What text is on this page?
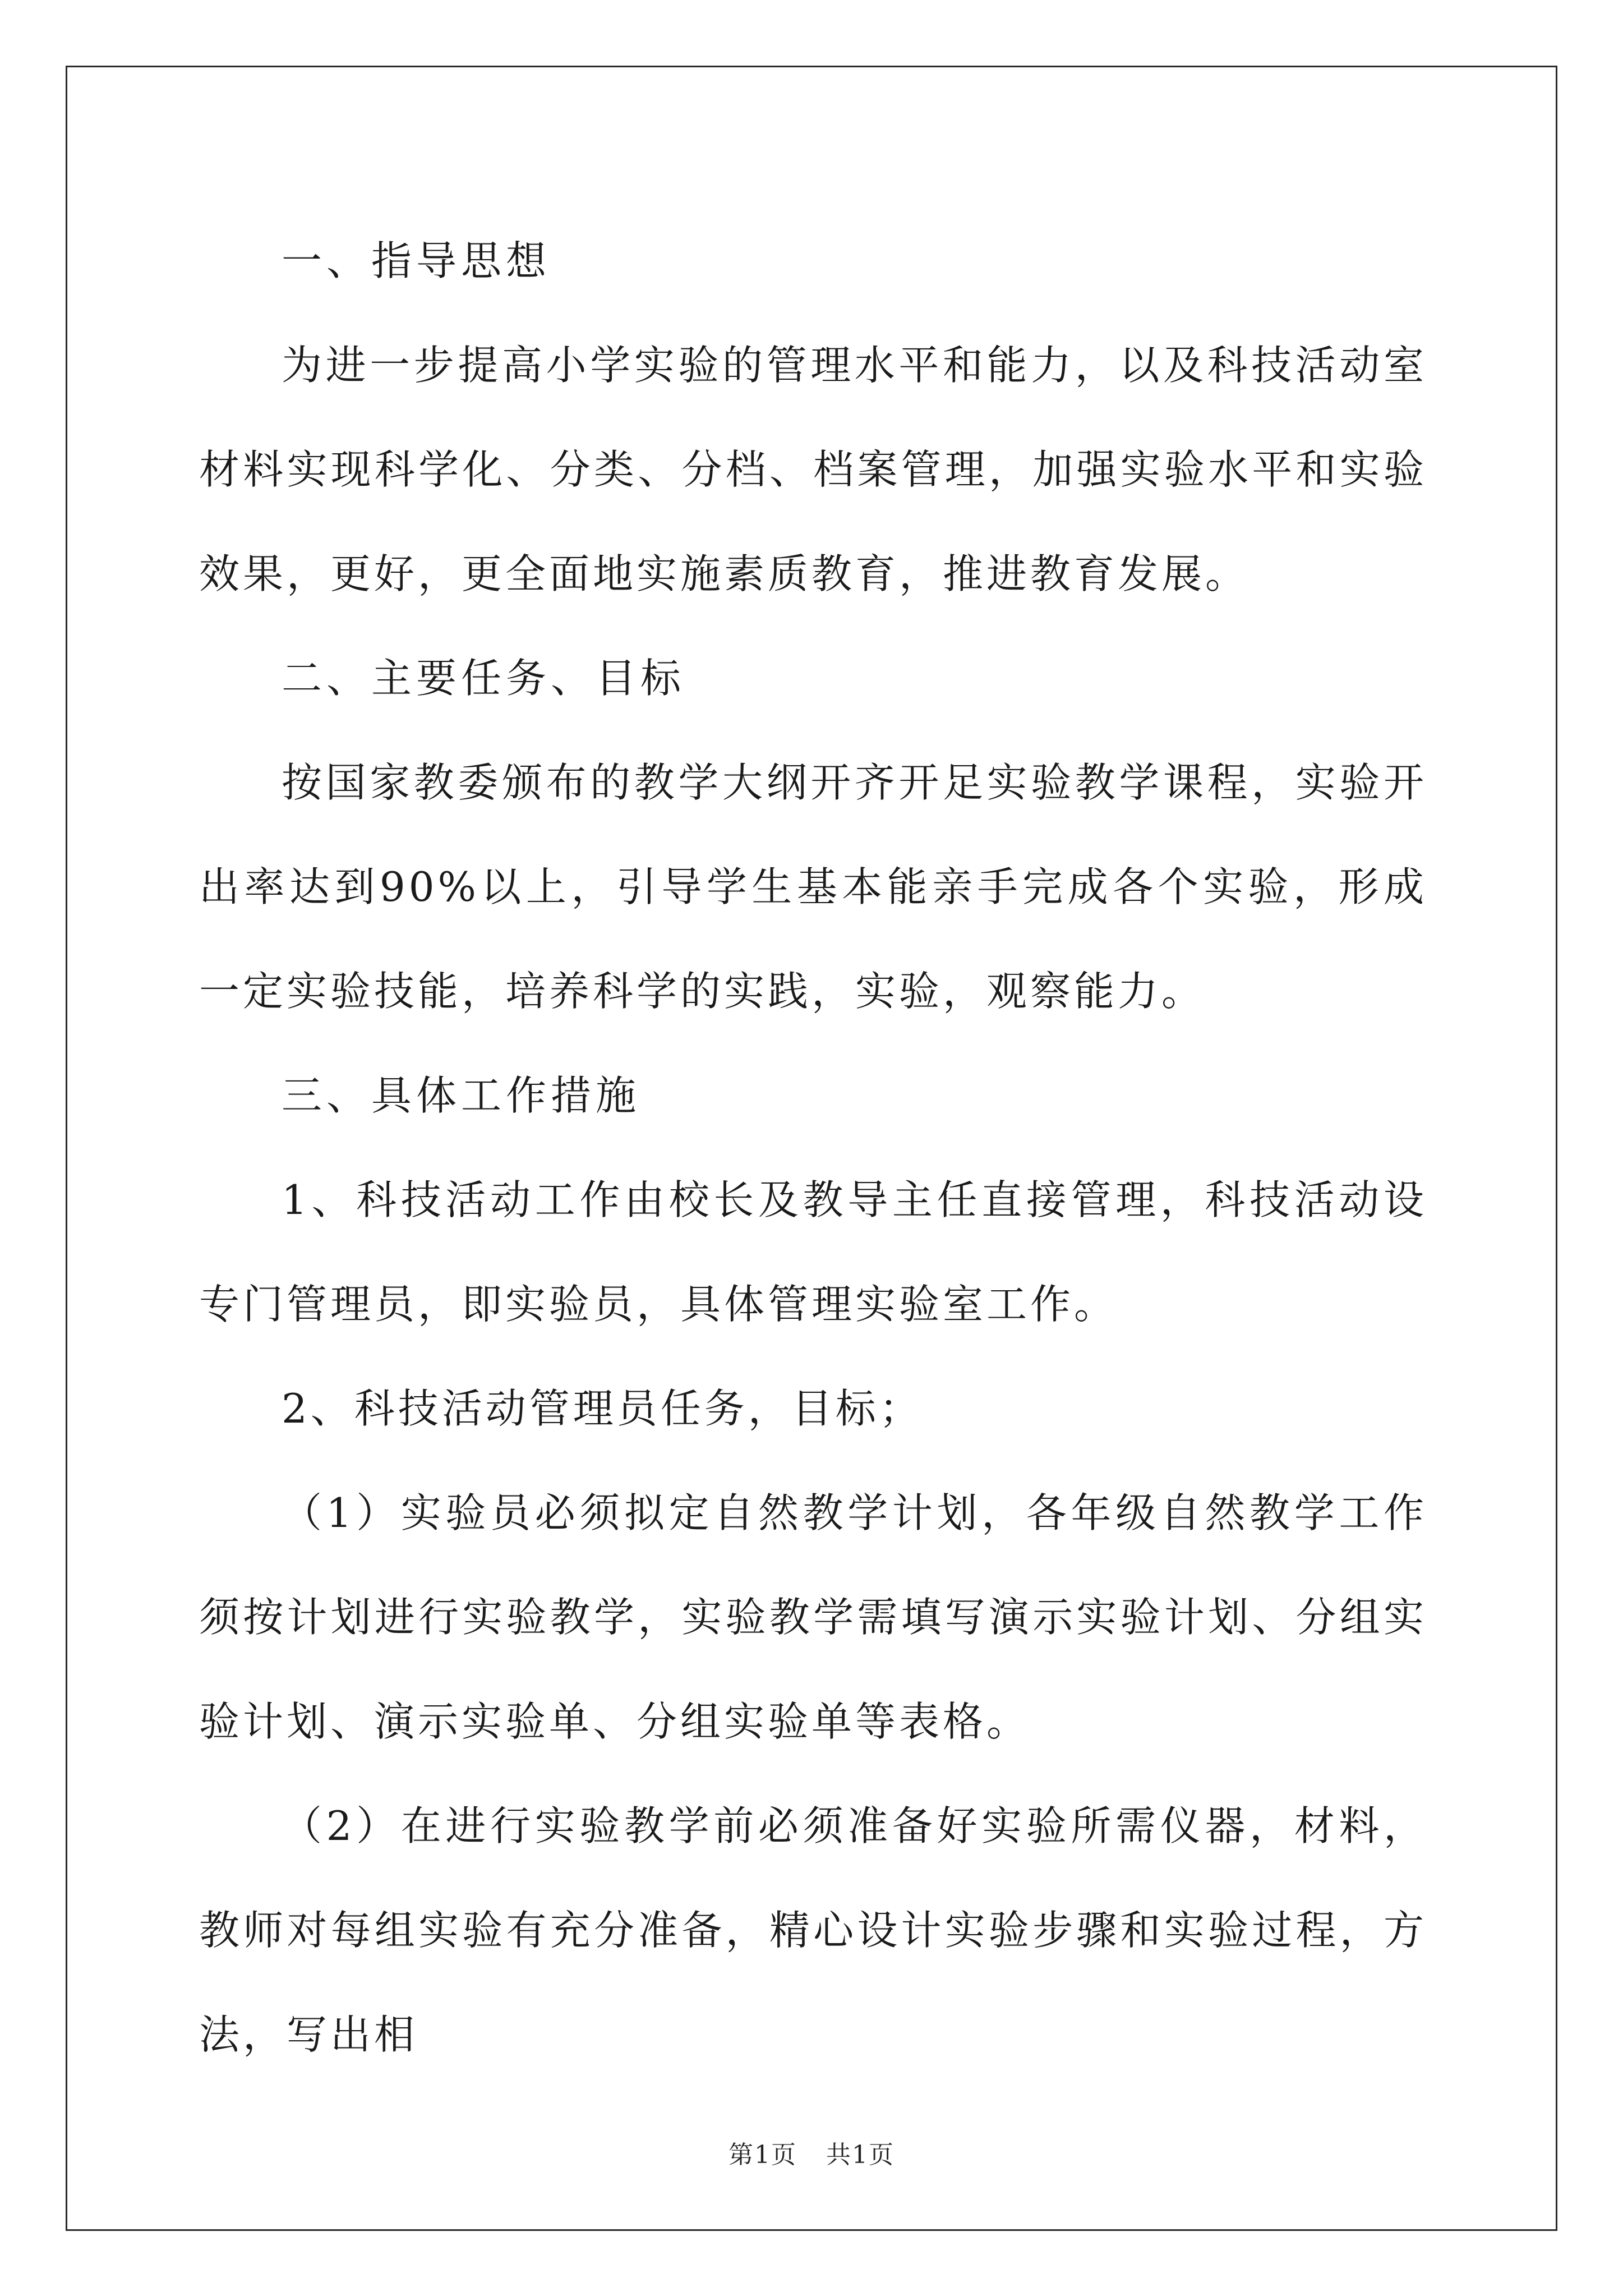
一、指导思想

为进一步提高小学实验的管理水平和能力，以及科技活动室材料实现科学化、分类、分档、档案管理，加强实验水平和实验效果，更好，更全面地实施素质教育，推进教育发展。

二、主要任务、目标

按国家教委颁布的教学大纲开齐开足实验教学课程，实验开出率达到90%以上，引导学生基本能亲手完成各个实验，形成一定实验技能，培养科学的实践，实验，观察能力。

三、具体工作措施

1、科技活动工作由校长及教导主任直接管理，科技活动设专门管理员，即实验员，具体管理实验室工作。

2、科技活动管理员任务，目标；

（1）实验员必须拟定自然教学计划，各年级自然教学工作须按计划进行实验教学，实验教学需填写演示实验计划、分组实验计划、演示实验单、分组实验单等表格。

（2）在进行实验教学前必须准备好实验所需仪器，材料，教师对每组实验有充分准备，精心设计实验步骤和实验过程，方法，写出相

第1页 共1页
